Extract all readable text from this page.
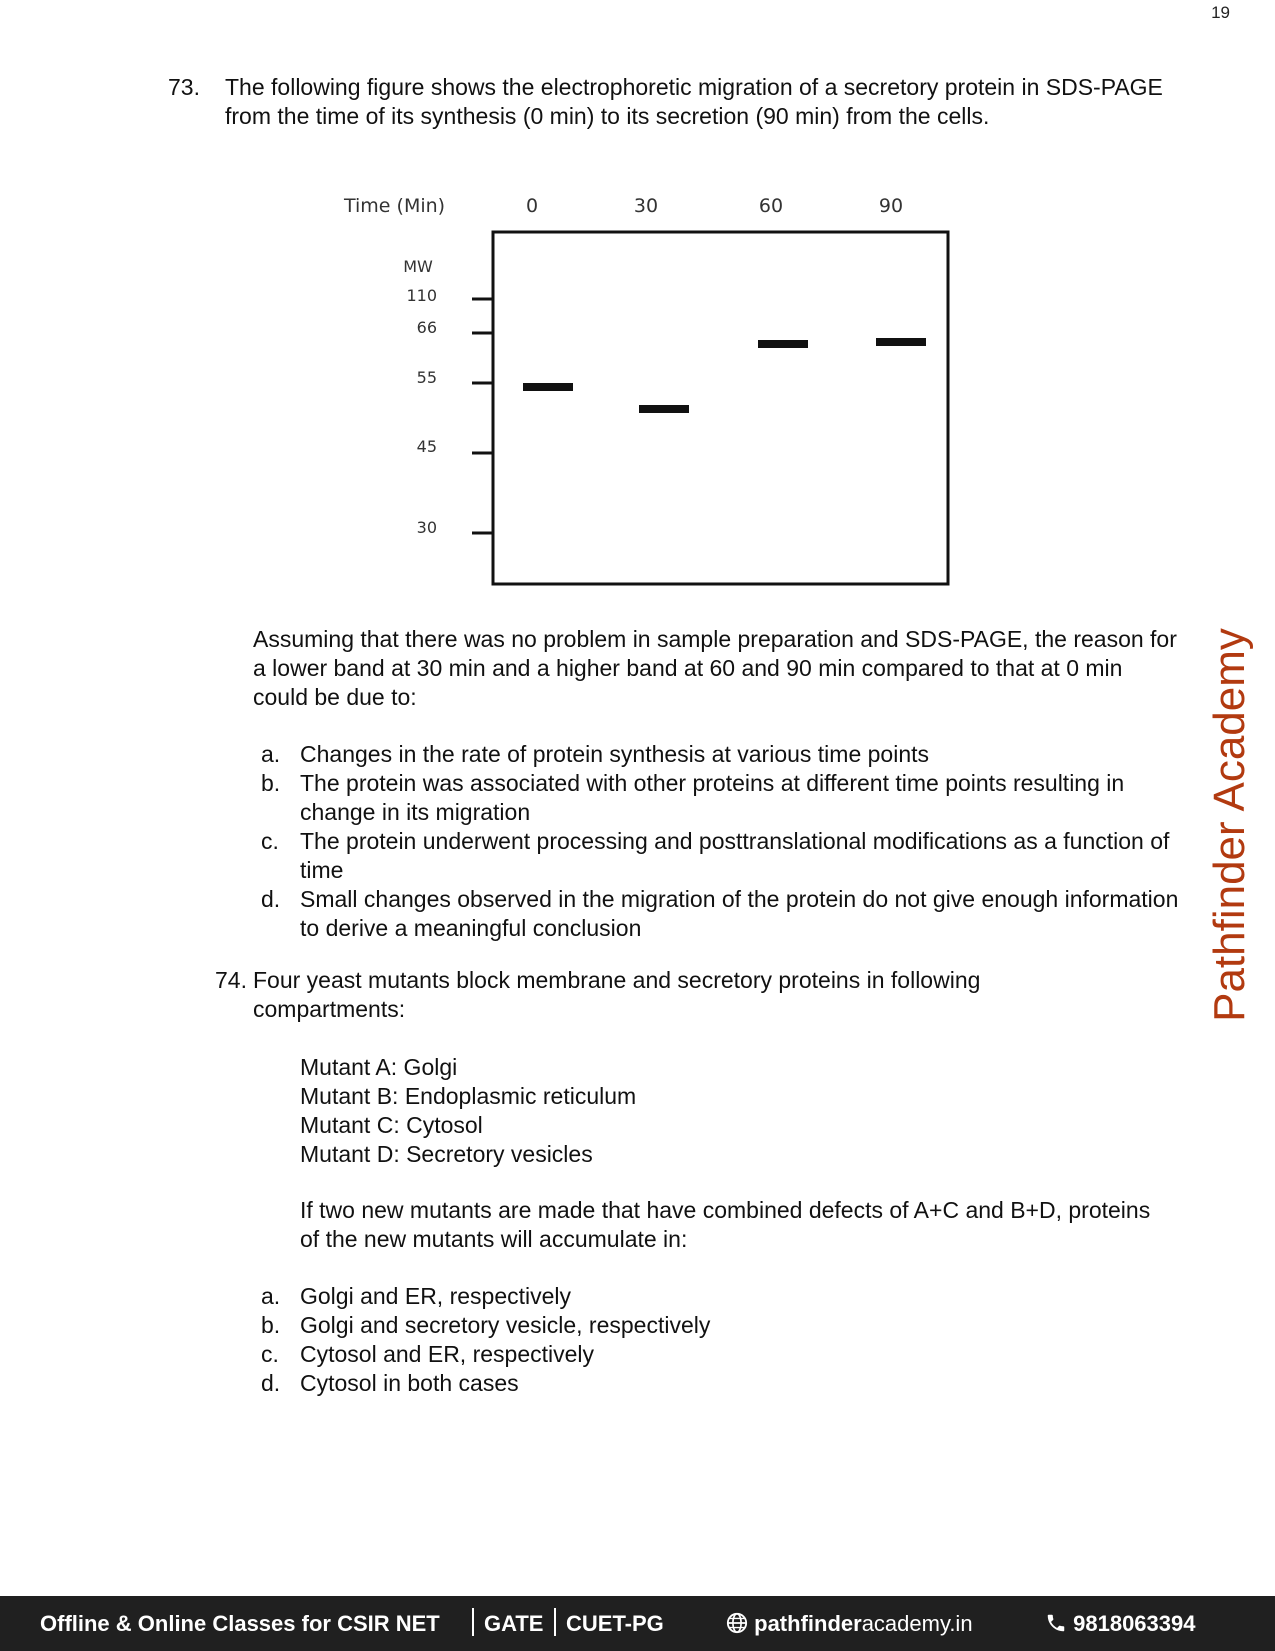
19
73. The following figure shows the electrophoretic migration of a secretory protein in SDS-PAGE from the time of its synthesis (0 min) to its secretion (90 min) from the cells.
Time (Min)	0	30	60	90
MW
110
66
55
45
30
Assuming that there was no problem in sample preparation and SDS-PAGE, the reason for a lower band at 30 min and a higher band at 60 and 90 min compared to that at 0 min could be due to:
a. Changes in the rate of protein synthesis at various time points
b. The protein was associated with other proteins at different time points resulting in change in its migration
c. The protein underwent processing and posttranslational modifications as a function of time
d. Small changes observed in the migration of the protein do not give enough information to derive a meaningful conclusion
74. Four yeast mutants block membrane and secretory proteins in following compartments:
Mutant A: Golgi
Mutant B: Endoplasmic reticulum
Mutant C: Cytosol
Mutant D: Secretory vesicles
If two new mutants are made that have combined defects of A+C and B+D, proteins of the new mutants will accumulate in:
a. Golgi and ER, respectively
b. Golgi and secretory vesicle, respectively
c. Cytosol and ER, respectively
d. Cytosol in both cases
Pathfinder Academy
Offline & Online Classes for CSIR NET GATE CUET-PG	pathfinderacademy.in	9818063394
